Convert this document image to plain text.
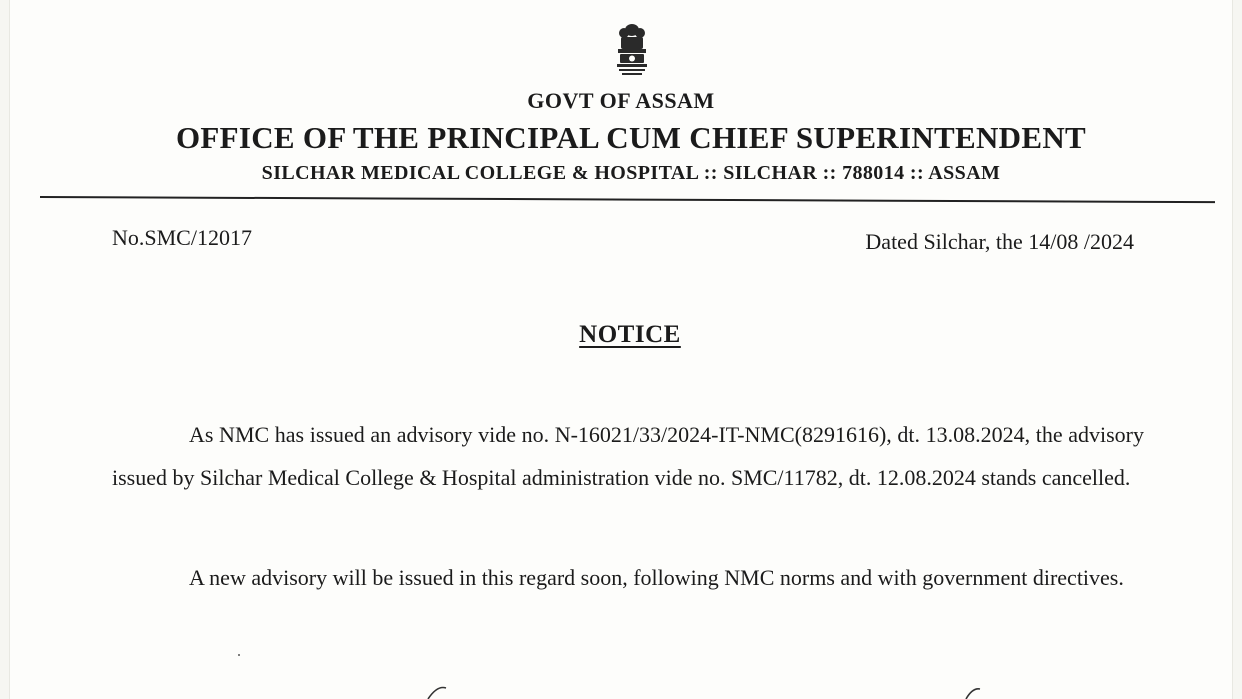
GOVT OF ASSAM
OFFICE OF THE PRINCIPAL CUM CHIEF SUPERINTENDENT
SILCHAR MEDICAL COLLEGE & HOSPITAL :: SILCHAR :: 788014 :: ASSAM
No.SMC/12017	Dated Silchar, the 14/08 /2024
NOTICE
As NMC has issued an advisory vide no. N-16021/33/2024-IT-NMC(8291616), dt. 13.08.2024, the advisory issued by Silchar Medical College & Hospital administration vide no. SMC/11782, dt. 12.08.2024 stands cancelled.
A new advisory will be issued in this regard soon, following NMC norms and with government directives.
